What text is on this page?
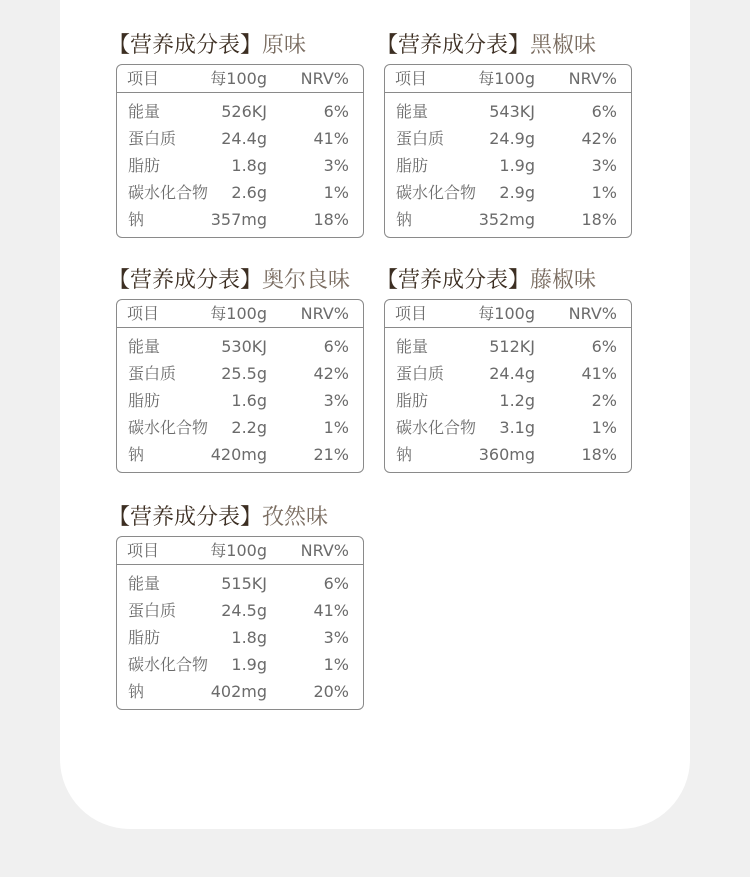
【营养成分表】原味
项目	每100g NRV%
能量	526KJ	6%
蛋白质	24.4g	41%
脂肪	1.8g	3%
碳水化合物 2.6g	1%
钠	357mg	18%
【营养成分表】黑椒味
项目	每100g NRV%
能量	543KJ	6%
蛋白质	24.9g	42%
脂肪	1.9g	3%
碳水化合物 2.9g	1%
钠	352mg	18%
【营养成分表】奥尔良味
项目	每100g NRV%
能量	530KJ	6%
蛋白质	25.5g	42%
脂肪	1.6g	3%
碳水化合物 2.2g	1%
钠	420mg	21%
【营养成分表】藤椒味
项目	每100g NRV%
能量	512KJ	6%
蛋白质	24.4g	41%
脂肪	1.2g	2%
碳水化合物 3.1g	1%
钠	360mg	18%
【营养成分表】孜然味
项目	每100g NRV%
能量	515KJ	6%
蛋白质	24.5g	41%
脂肪	1.8g	3%
碳水化合物 1.9g	1%
钠	402mg	20%
